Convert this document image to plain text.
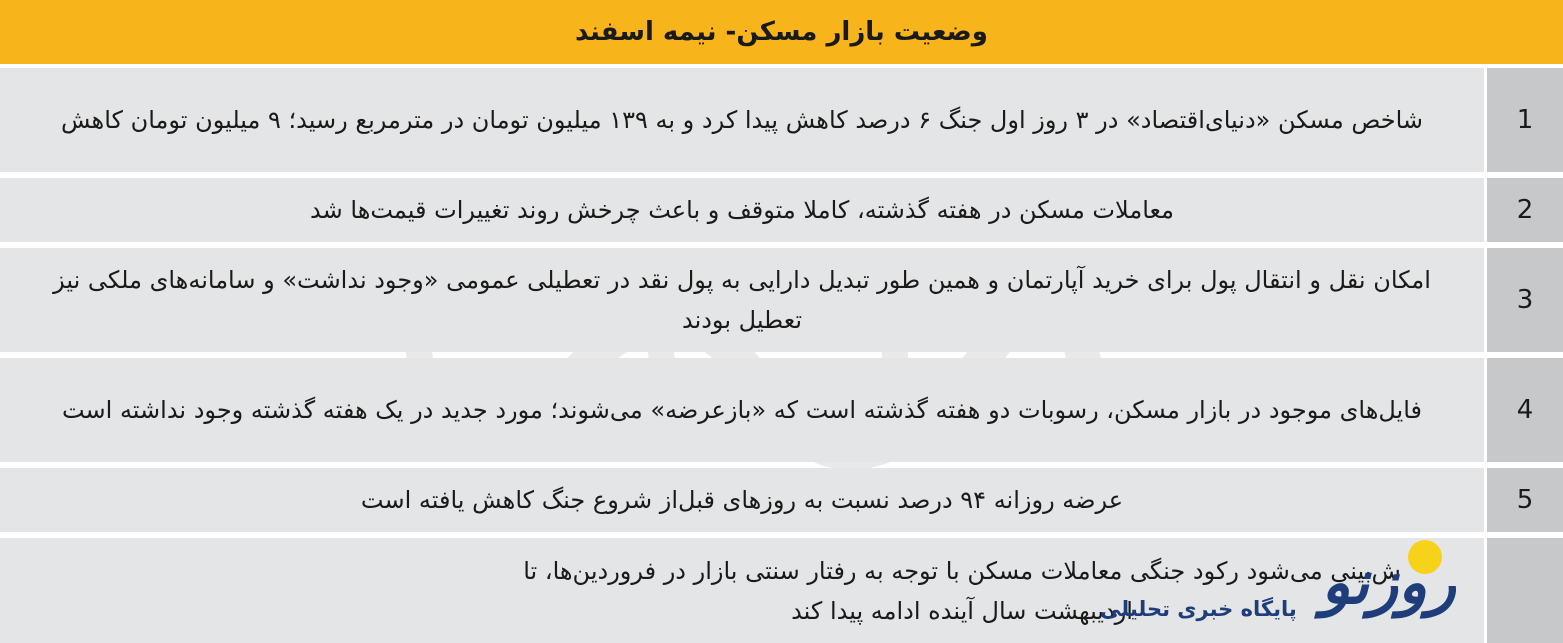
وضعیت بازار مسکن- نیمه اسفند
1
شاخص مسکن «دنیای‌اقتصاد» در ۳ روز اول جنگ ۶ درصد کاهش پیدا کرد و به ۱۳۹ میلیون تومان در مترمربع رسید؛ ۹ میلیون تومان کاهش
2
معاملات مسکن در هفته گذشته، کاملا متوقف و باعث چرخش روند تغییرات قیمت‌ها شد
3
امکان نقل و انتقال پول برای خرید آپارتمان و همین طور تبدیل دارایی به پول نقد در تعطیلی عمومی «وجود نداشت» و سامانه‌های ملکی نیز تعطیل بودند
4
فایل‌های موجود در بازار مسکن، رسوبات دو هفته گذشته است که «بازعرضه» می‌شوند؛ مورد جدید در یک هفته گذشته وجود نداشته است
5
عرضه روزانه ۹۴ درصد نسبت به روزهای قبل‌از شروع جنگ کاهش یافته است
ش‌بینی می‌شود رکود جنگی معاملات مسکن با توجه به رفتار سنتی بازار در فروردین‌ها، تا اردیبهشت سال آینده ادامه پیدا کند	روزنو
پایگاه خبری تحلیلی
